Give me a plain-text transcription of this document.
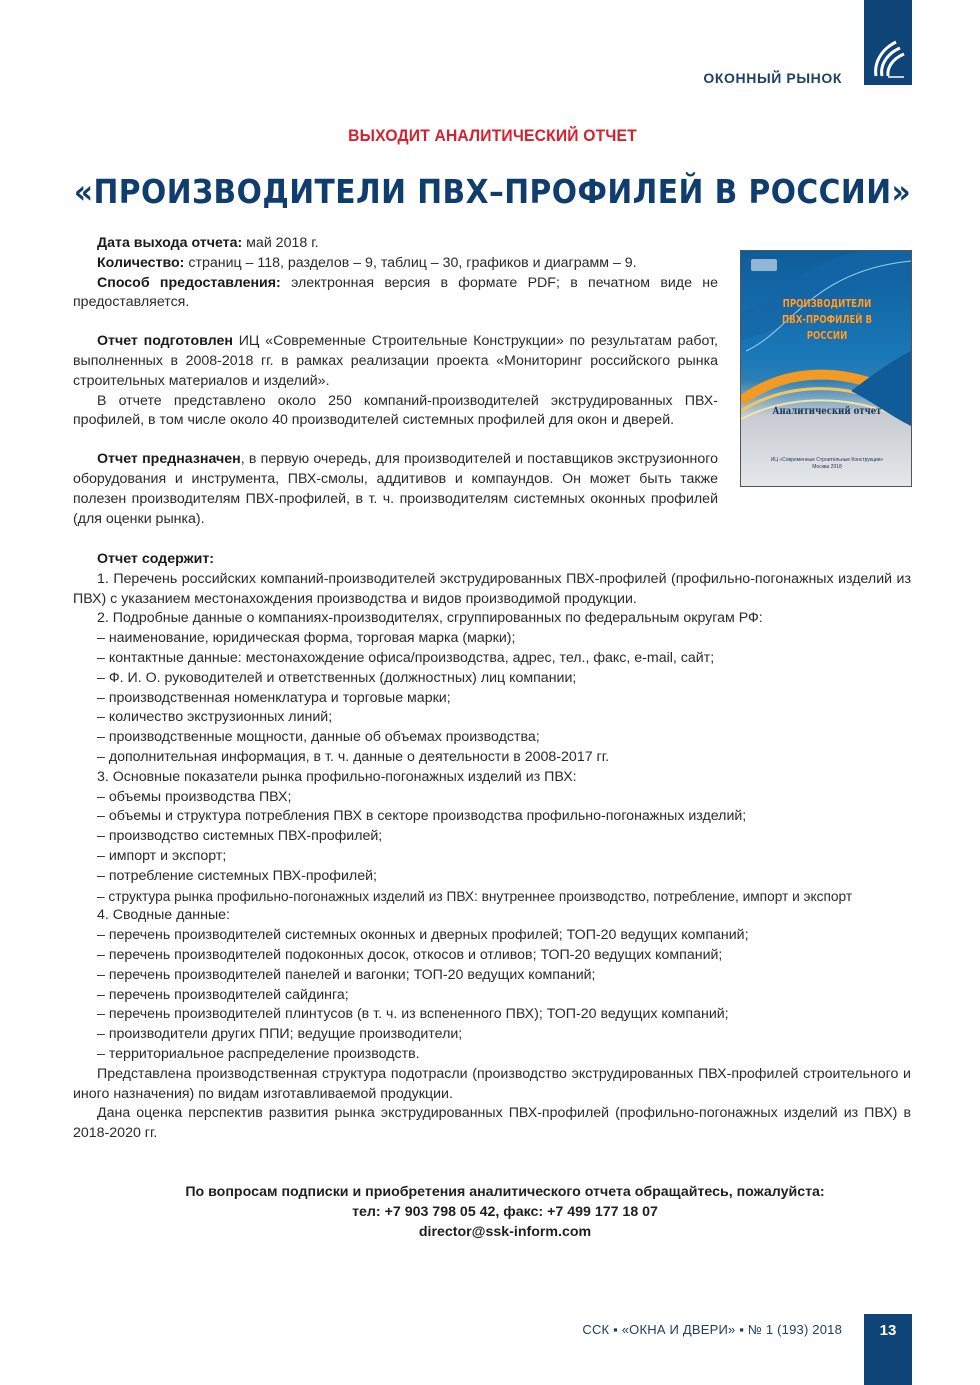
ОКОННЫЙ РЫНОК
ВЫХОДИТ АНАЛИТИЧЕСКИЙ ОТЧЕТ
«ПРОИЗВОДИТЕЛИ ПВХ–ПРОФИЛЕЙ В РОССИИ»

Дата выхода отчета: май 2018 г.

Количество: страниц – 118, разделов – 9, таблиц – 30, графиков и диаграмм – 9.

Способ предоставления: электронная версия в формате PDF; в печатном виде не предоставляется.

Отчет подготовлен ИЦ «Современные Строительные Конструкции» по результатам работ, выполненных в 2008-2018 гг. в рамках реализации проекта «Мониторинг российского рынка строительных материалов и изделий».

В отчете представлено около 250 компаний-производителей экструдированных ПВХ-профилей, в том числе около 40 производителей системных профилей для окон и дверей.

Отчет предназначен, в первую очередь, для производителей и поставщиков экструзионного оборудования и инструмента, ПВХ-смолы, аддитивов и компаундов. Он может быть также полезен производителям ПВХ-профилей, в т. ч. производителям системных оконных профилей (для оценки рынка).

ПРОИЗВОДИТЕЛИ
ПВХ-ПРОФИЛЕЙ В РОССИИ
Аналитический отчет
ИЦ «Современные Строительные Конструкции»
Москва 2018

Отчет содержит:

1. Перечень российских компаний-производителей экструдированных ПВХ-профилей (профильно-погонажных изделий из ПВХ) с указанием местонахождения производства и видов производимой продукции.

2. Подробные данные о компаниях-производителях, сгруппированных по федеральным округам РФ:

– наименование, юридическая форма, торговая марка (марки);

– контактные данные: местонахождение офиса/производства, адрес, тел., факс, e-mail, сайт;

– Ф. И. О. руководителей и ответственных (должностных) лиц компании;

– производственная номенклатура и торговые марки;

– количество экструзионных линий;

– производственные мощности, данные об объемах производства;

– дополнительная информация, в т. ч. данные о деятельности в 2008-2017 гг.

3. Основные показатели рынка профильно-погонажных изделий из ПВХ:

– объемы производства ПВХ;

– объемы и структура потребления ПВХ в секторе производства профильно-погонажных изделий;

– производство системных ПВХ-профилей;

– импорт и экспорт;

– потребление системных ПВХ-профилей;

– структура рынка профильно-погонажных изделий из ПВХ: внутреннее производство, потребление, импорт и экспорт

4. Сводные данные:

– перечень производителей системных оконных и дверных профилей; ТОП-20 ведущих компаний;

– перечень производителей подоконных досок, откосов и отливов; ТОП-20 ведущих компаний;

– перечень производителей панелей и вагонки; ТОП-20 ведущих компаний;

– перечень производителей сайдинга;

– перечень производителей плинтусов (в т. ч. из вспененного ПВХ); ТОП-20 ведущих компаний;

– производители других ППИ; ведущие производители;

– территориальное распределение производств.

Представлена производственная структура подотрасли (производство экструдированных ПВХ-профилей строительного и иного назначения) по видам изготавливаемой продукции.

Дана оценка перспектив развития рынка экструдированных ПВХ-профилей (профильно-погонажных изделий из ПВХ) в 2018-2020 гг.

По вопросам подписки и приобретения аналитического отчета обращайтесь, пожалуйста:
тел: +7 903 798 05 42, факс: +7 499 177 18 07
director@ssk-inform.com
ССК ▪ «ОКНА И ДВЕРИ» ▪ № 1 (193) 2018	13
